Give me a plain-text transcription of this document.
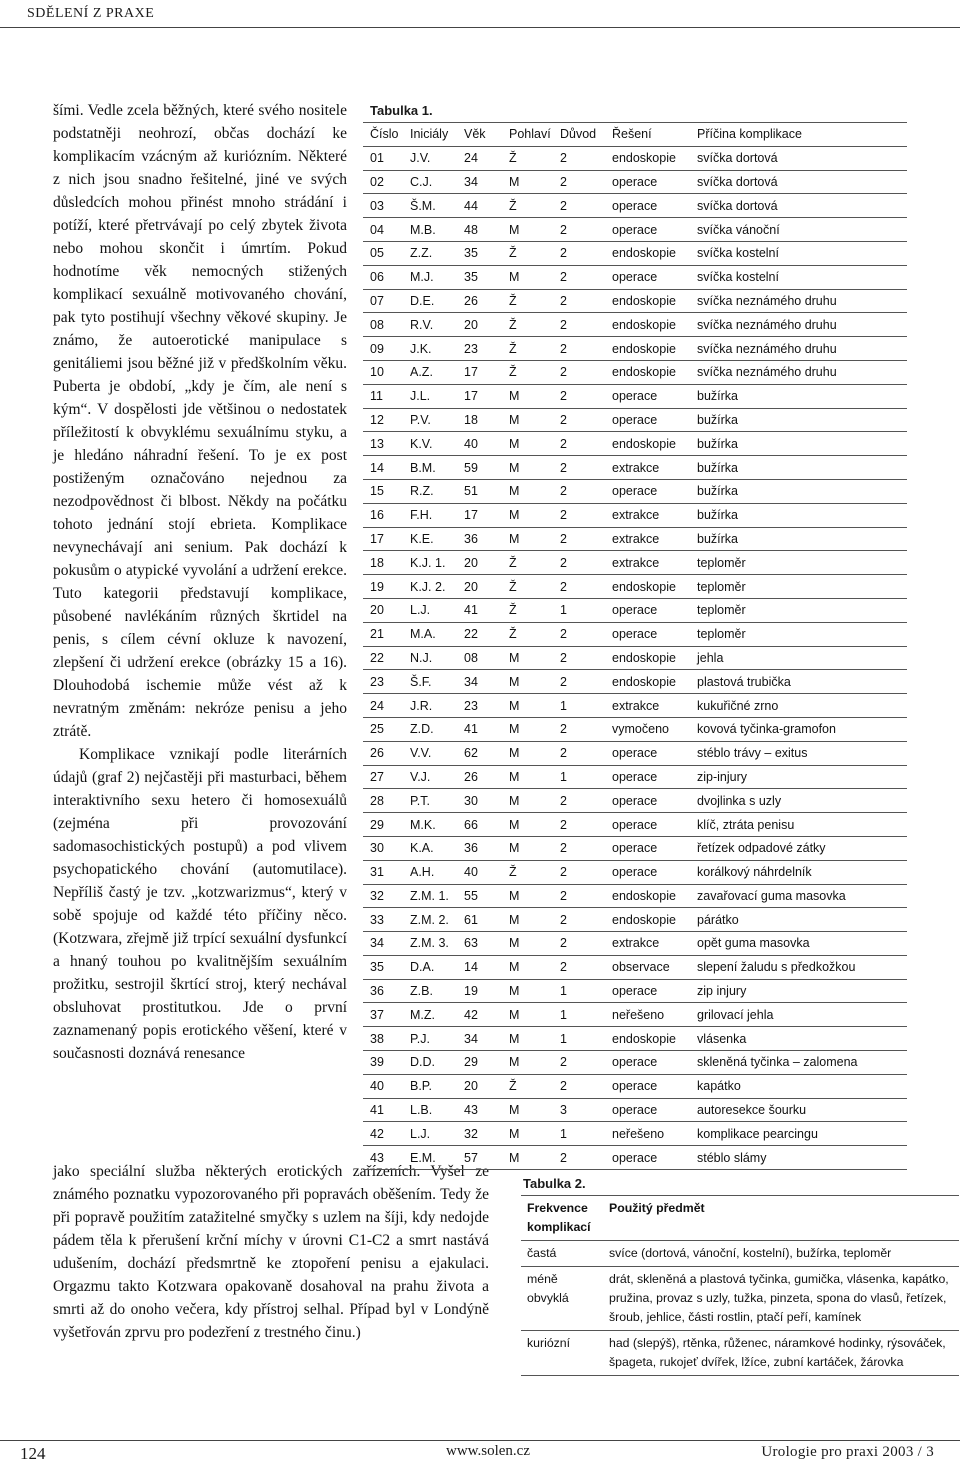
SDĚLENÍ Z PRAXE

šími. Vedle zcela běžných, které svého nositele podstatněji neohrozí, občas dochází ke komplikacím vzácným až kuriózním. Některé z nich jsou snadno řešitelné, jiné ve svých důsledcích mohou přinést mnoho strádání i potíží, které přetrvávají po celý zbytek života nebo mohou skončit i úmrtím. Pokud hodnotíme věk nemocných stižených komplikací sexuálně motivovaného chování, pak tyto postihují všechny věkové skupiny. Je známo, že autoerotické manipulace s genitáliemi jsou běžné již v předškolním věku. Puberta je období, „kdy je čím, ale není s kým“. V dospělosti jde většinou o nedostatek příležitostí k obvyklému sexuálnímu styku, a je hledáno náhradní řešení. To je ex post postiženým označováno nejednou za nezodpovědnost či blbost. Někdy na počátku tohoto jednání stojí ebrieta. Komplikace nevynechávají ani senium. Pak dochází k pokusům o atypické vyvolání a udržení erekce. Tuto kategorii představují komplikace, působené navlékáním různých škrtidel na penis, s cílem cévní okluze k navození, zlepšení či udržení erekce (obrázky 15 a 16). Dlouhodobá ischemie může vést až k nevratným změnám: nekróze penisu a jeho ztrátě.

Komplikace vznikají podle literárních údajů (graf 2) nejčastěji při masturbaci, během interaktivního sexu hetero či homosexuálů (zejména při provozování sadomasochistických postupů) a pod vlivem psychopatického chování (automutilace). Nepříliš častý je tzv. „kotzwarizmus“, který v sobě spojuje od každé této příčiny něco. (Kotzwara, zřejmě již trpící sexuální dysfunkcí a hnaný touhou po kvalitnějším sexuálním prožitku, sestrojil škrtící stroj, který nechával obsluhovat prostitutkou. Jde o první zaznamenaný popis erotického věšení, které v současnosti doznává renesance

jako speciální služba některých erotických zařízeních. Vyšel ze známého poznatku vypozorovaného při popravách oběšením. Tedy že při popravě použitím zatažitelné smyčky s uzlem na šíji, kdy nedojde pádem těla k přerušení krční míchy v úrovni C1-C2 a smrt nastává udušením, dochází předsmrtně ke ztopoření penisu a ejakulaci. Orgazmu takto Kotzwara opakovaně dosahoval na prahu života a smrti až do onoho večera, kdy přístroj selhal. Případ byl v Londýně vyšetřován zprvu pro podezření z trestného činu.)

Tabulka 1.
Číslo	Iniciály	Věk	Pohlaví	Důvod	Řešení	Příčina komplikace
01	J.V.	24	Ž	2	endoskopie	svíčka dortová
02	C.J.	34	M	2	operace	svíčka dortová
03	Š.M.	44	Ž	2	operace	svíčka dortová
04	M.B.	48	M	2	operace	svíčka vánoční
05	Z.Z.	35	Ž	2	endoskopie	svíčka kostelní
06	M.J.	35	M	2	operace	svíčka kostelní
07	D.E.	26	Ž	2	endoskopie	svíčka neznámého druhu
08	R.V.	20	Ž	2	endoskopie	svíčka neznámého druhu
09	J.K.	23	Ž	2	endoskopie	svíčka neznámého druhu
10	A.Z.	17	Ž	2	endoskopie	svíčka neznámého druhu
11	J.L.	17	M	2	operace	bužírka
12	P.V.	18	M	2	operace	bužírka
13	K.V.	40	M	2	endoskopie	bužírka
14	B.M.	59	M	2	extrakce	bužírka
15	R.Z.	51	M	2	operace	bužírka
16	F.H.	17	M	2	extrakce	bužírka
17	K.E.	36	M	2	extrakce	bužírka
18	K.J. 1.	20	Ž	2	extrakce	teploměr
19	K.J. 2.	20	Ž	2	endoskopie	teploměr
20	L.J.	41	Ž	1	operace	teploměr
21	M.A.	22	Ž	2	operace	teploměr
22	N.J.	08	M	2	endoskopie	jehla
23	Š.F.	34	M	2	endoskopie	plastová trubička
24	J.R.	23	M	1	extrakce	kukuřičné zrno
25	Z.D.	41	M	2	vymočeno	kovová tyčinka-gramofon
26	V.V.	62	M	2	operace	stéblo trávy – exitus
27	V.J.	26	M	1	operace	zip-injury
28	P.T.	30	M	2	operace	dvojlinka s uzly
29	M.K.	66	M	2	operace	klíč, ztráta penisu
30	K.A.	36	M	2	operace	řetízek odpadové zátky
31	A.H.	40	Ž	2	operace	korálkový náhrdelník
32	Z.M. 1.	55	M	2	endoskopie	zavařovací guma masovka
33	Z.M. 2.	61	M	2	endoskopie	párátko
34	Z.M. 3.	63	M	2	extrakce	opět guma masovka
35	D.A.	14	M	2	observace	slepení žaludu s předkožkou
36	Z.B.	19	M	1	operace	zip injury
37	M.Z.	42	M	1	neřešeno	grilovací jehla
38	P.J.	34	M	1	endoskopie	vlásenka
39	D.D.	29	M	2	operace	skleněná tyčinka – zalomena
40	B.P.	20	Ž	2	operace	kapátko
41	L.B.	43	M	3	operace	autoresekce šourku
42	L.J.	32	M	1	neřešeno	komplikace pearcingu
43	E.M.	57	M	2	operace	stéblo slámy
Tabulka 2.
Frekvence komplikací	Použitý předmět
častá	svíce (dortová, vánoční, kostelní), bužírka, teploměr
méně obvyklá	drát, skleněná a plastová tyčinka, gumička, vlásenka, kapátko, pružina, provaz s uzly, tužka, pinzeta, spona do vlasů, řetízek, šroub, jehlice, části rostlin, ptačí peří, kamínek
kuriózní	had (slepýš), rtěnka, růženec, náramkové hodinky, rýsováček, špageta, rukojeť dvířek, lžíce, zubní kartáček, žárovka
124	www.solen.cz	Urologie pro praxi 2003 / 3
